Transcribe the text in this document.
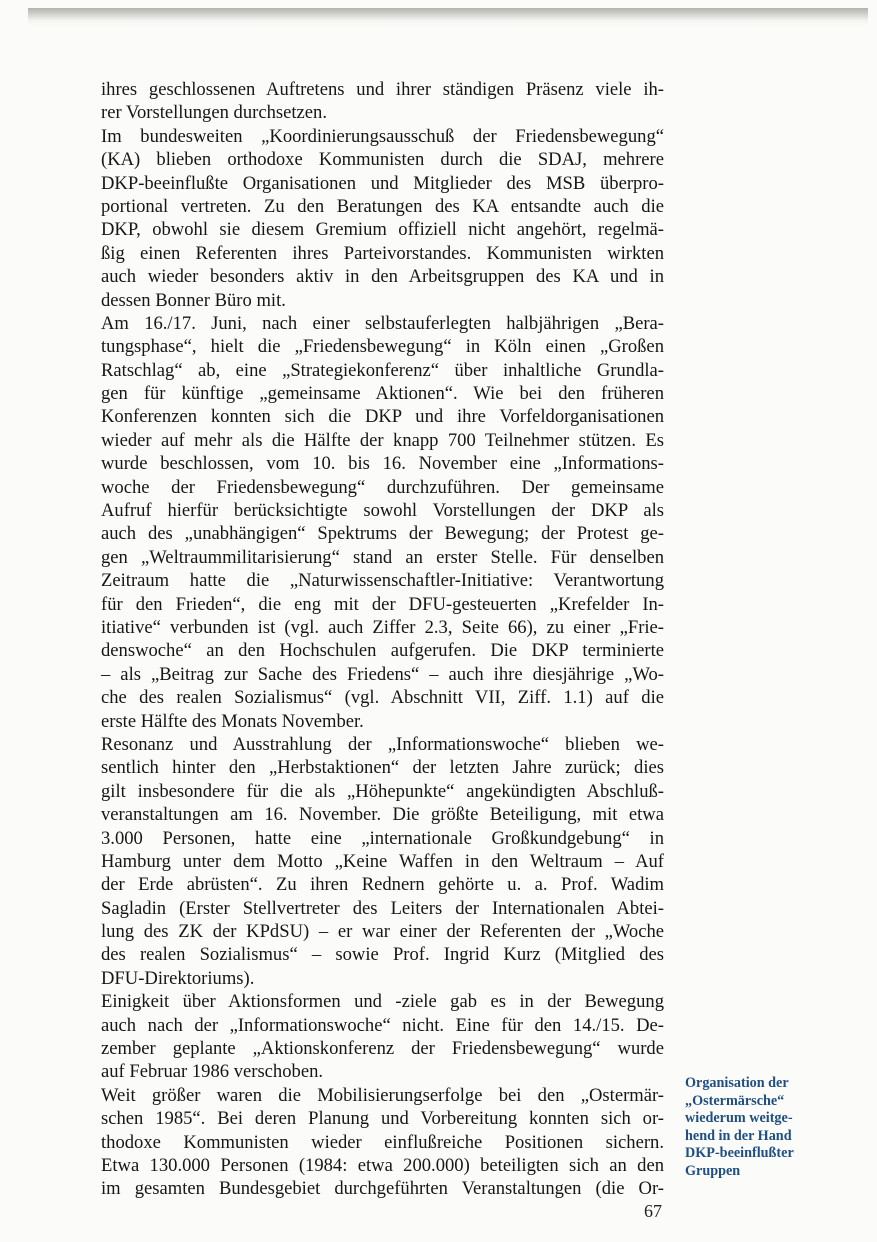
ihres geschlossenen Auftretens und ihrer ständigen Präsenz viele ih-
rer Vorstellungen durchsetzen.
Im bundesweiten „Koordinierungsausschuß der Friedensbewegung“
(KA) blieben orthodoxe Kommunisten durch die SDAJ, mehrere
DKP-beeinflußte Organisationen und Mitglieder des MSB überpro-
portional vertreten. Zu den Beratungen des KA entsandte auch die
DKP, obwohl sie diesem Gremium offiziell nicht angehört, regelmä-
ßig einen Referenten ihres Parteivorstandes. Kommunisten wirkten
auch wieder besonders aktiv in den Arbeitsgruppen des KA und in
dessen Bonner Büro mit.
Am 16./17. Juni, nach einer selbstauferlegten halbjährigen „Bera-
tungsphase“, hielt die „Friedensbewegung“ in Köln einen „Großen
Ratschlag“ ab, eine „Strategiekonferenz“ über inhaltliche Grundla-
gen für künftige „gemeinsame Aktionen“. Wie bei den früheren
Konferenzen konnten sich die DKP und ihre Vorfeldorganisationen
wieder auf mehr als die Hälfte der knapp 700 Teilnehmer stützen. Es
wurde beschlossen, vom 10. bis 16. November eine „Informations-
woche der Friedensbewegung“ durchzuführen. Der gemeinsame
Aufruf hierfür berücksichtigte sowohl Vorstellungen der DKP als
auch des „unabhängigen“ Spektrums der Bewegung; der Protest ge-
gen „Weltraummilitarisierung“ stand an erster Stelle. Für denselben
Zeitraum hatte die „Naturwissenschaftler-Initiative: Verantwortung
für den Frieden“, die eng mit der DFU-gesteuerten „Krefelder In-
itiative“ verbunden ist (vgl. auch Ziffer 2.3, Seite 66), zu einer „Frie-
denswoche“ an den Hochschulen aufgerufen. Die DKP terminierte
– als „Beitrag zur Sache des Friedens“ – auch ihre diesjährige „Wo-
che des realen Sozialismus“ (vgl. Abschnitt VII, Ziff. 1.1) auf die
erste Hälfte des Monats November.
Resonanz und Ausstrahlung der „Informationswoche“ blieben we-
sentlich hinter den „Herbstaktionen“ der letzten Jahre zurück; dies
gilt insbesondere für die als „Höhepunkte“ angekündigten Abschluß-
veranstaltungen am 16. November. Die größte Beteiligung, mit etwa
3.000 Personen, hatte eine „internationale Großkundgebung“ in
Hamburg unter dem Motto „Keine Waffen in den Weltraum – Auf
der Erde abrüsten“. Zu ihren Rednern gehörte u. a. Prof. Wadim
Sagladin (Erster Stellvertreter des Leiters der Internationalen Abtei-
lung des ZK der KPdSU) – er war einer der Referenten der „Woche
des realen Sozialismus“ – sowie Prof. Ingrid Kurz (Mitglied des
DFU-Direktoriums).
Einigkeit über Aktionsformen und -ziele gab es in der Bewegung
auch nach der „Informationswoche“ nicht. Eine für den 14./15. De-
zember geplante „Aktionskonferenz der Friedensbewegung“ wurde
auf Februar 1986 verschoben.
Weit größer waren die Mobilisierungserfolge bei den „Ostermär-
schen 1985“. Bei deren Planung und Vorbereitung konnten sich or-
thodoxe Kommunisten wieder einflußreiche Positionen sichern.
Etwa 130.000 Personen (1984: etwa 200.000) beteiligten sich an den
im gesamten Bundesgebiet durchgeführten Veranstaltungen (die Or-
Organisation der
„Ostermärsche“
wiederum weitge-
hend in der Hand
DKP-beeinflußter
Gruppen
67
